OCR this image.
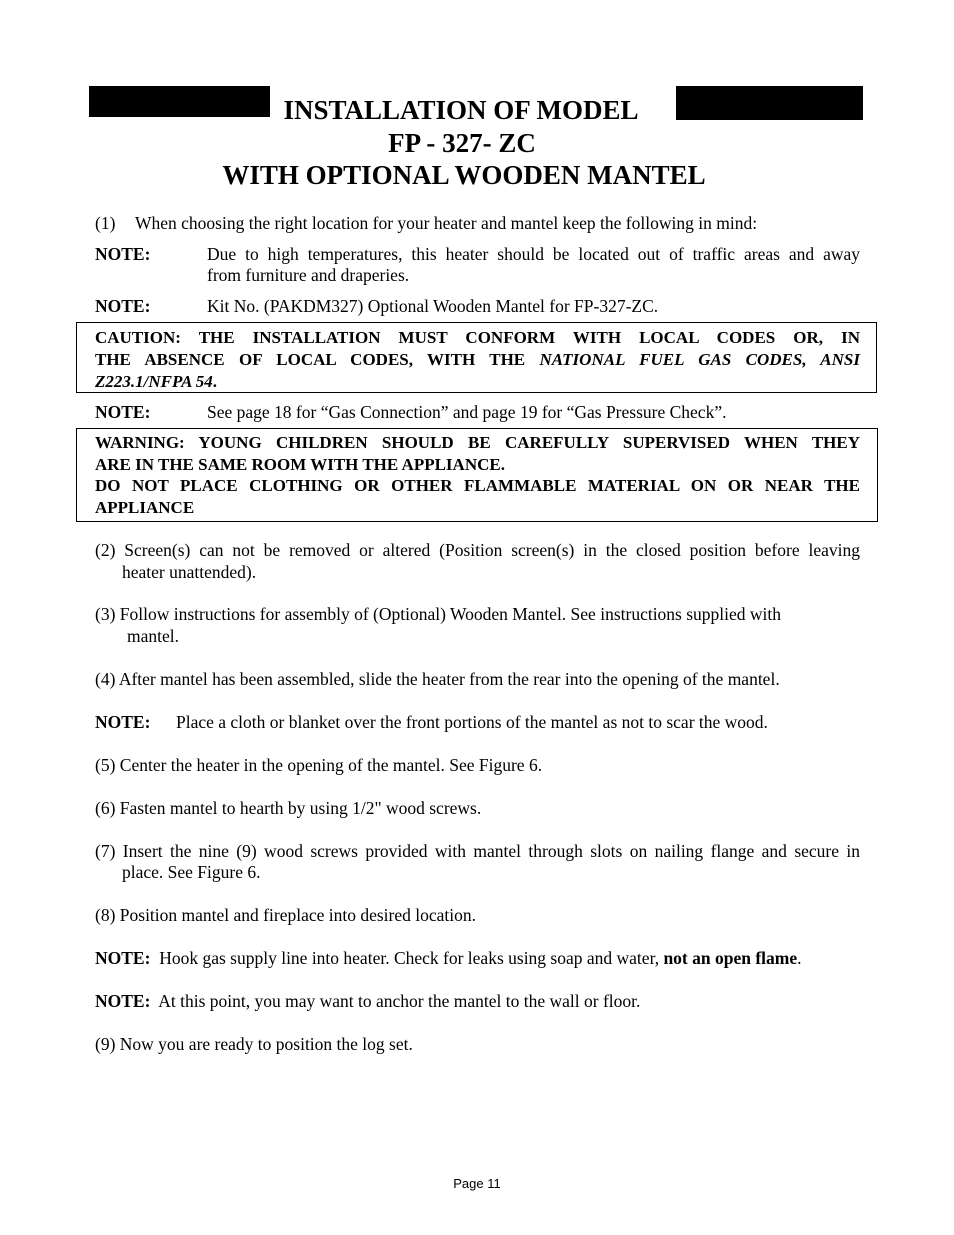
INSTALLATION OF MODEL
FP - 327- ZC
WITH OPTIONAL WOODEN MANTEL
(1) When choosing the right location for your heater and mantel keep the following in mind:
NOTE:	Due to high temperatures, this heater should be located out of traffic areas and away
from furniture and draperies.
NOTE:	Kit No. (PAKDM327) Optional Wooden Mantel for FP-327-ZC.
CAUTION: THE INSTALLATION MUST CONFORM WITH LOCAL CODES OR, IN
THE ABSENCE OF LOCAL CODES, WITH THE NATIONAL FUEL GAS CODES, ANSI
Z223.1/NFPA 54.
NOTE:	See page 18 for “Gas Connection” and page 19 for “Gas Pressure Check”.
WARNING: YOUNG CHILDREN SHOULD BE CAREFULLY SUPERVISED WHEN THEY
ARE IN THE SAME ROOM WITH THE APPLIANCE.
DO NOT PLACE CLOTHING OR OTHER FLAMMABLE MATERIAL ON OR NEAR THE
APPLIANCE
(2) Screen(s) can not be removed or altered (Position screen(s) in the closed position before leaving
heater unattended).
(3) Follow instructions for assembly of (Optional) Wooden Mantel. See instructions supplied with
mantel.
(4) After mantel has been assembled, slide the heater from the rear into the opening of the mantel.
NOTE: Place a cloth or blanket over the front portions of the mantel as not to scar the wood.
(5) Center the heater in the opening of the mantel. See Figure 6.
(6) Fasten mantel to hearth by using 1/2" wood screws.
(7) Insert the nine (9) wood screws provided with mantel through slots on nailing flange and secure in
place. See Figure 6.
(8) Position mantel and fireplace into desired location.
NOTE: Hook gas supply line into heater. Check for leaks using soap and water, not an open flame.
NOTE: At this point, you may want to anchor the mantel to the wall or floor.
(9) Now you are ready to position the log set.
Page 11
